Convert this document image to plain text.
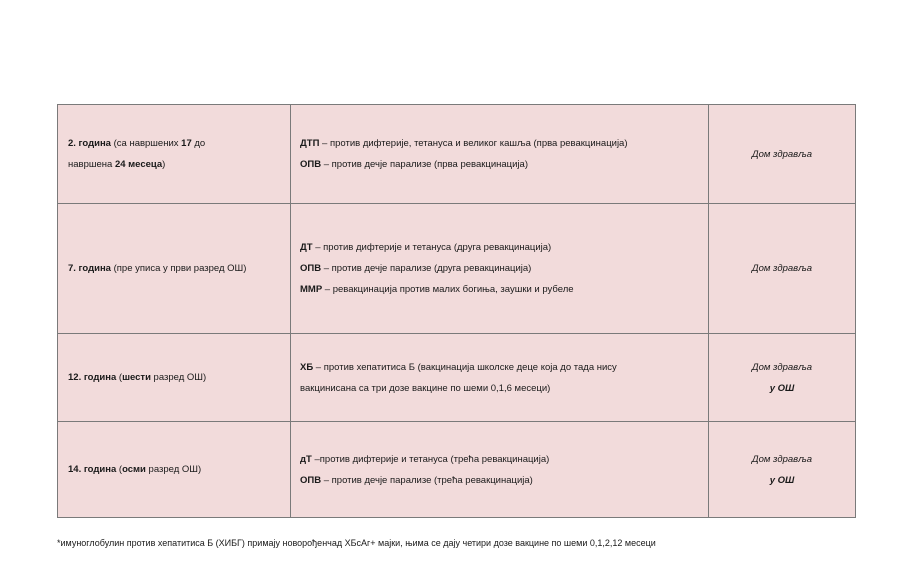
2. година (са навршених 17 до
навршена 24 месеца)	ДТП – против дифтерије, тетануса и великог кашља (прва ревакцинација)
ОПВ – против дечје парализе (прва ревакцинација)	Дом здравља

7. година (пре уписа у први разред ОШ)	ДТ – против дифтерије и тетануса (друга ревакцинација)
ОПВ – против дечје парализе (друга ревакцинација)
ММР – ревакцинација против малих богиња, заушки и рубеле	Дом здравља

12. година (шести разред ОШ)	ХБ – против хепатитиса Б (вакцинација школске деце која до тада нису
вакцинисана са три дозе вакцине по шеми 0,1,6 месеци)	Дом здравља
у ОШ

14. година (осми разред ОШ)	дТ –против дифтерије и тетануса (трећа ревакцинација)
ОПВ – против дечје парализе (трећа ревакцинација)	Дом здравља
у ОШ
*имуноглобулин против хепатитиса Б (ХИБГ) примају новорођенчад ХБсАг+ мајки, њима се дају четири дозе вакцине по шеми 0,1,2,12 месеци
